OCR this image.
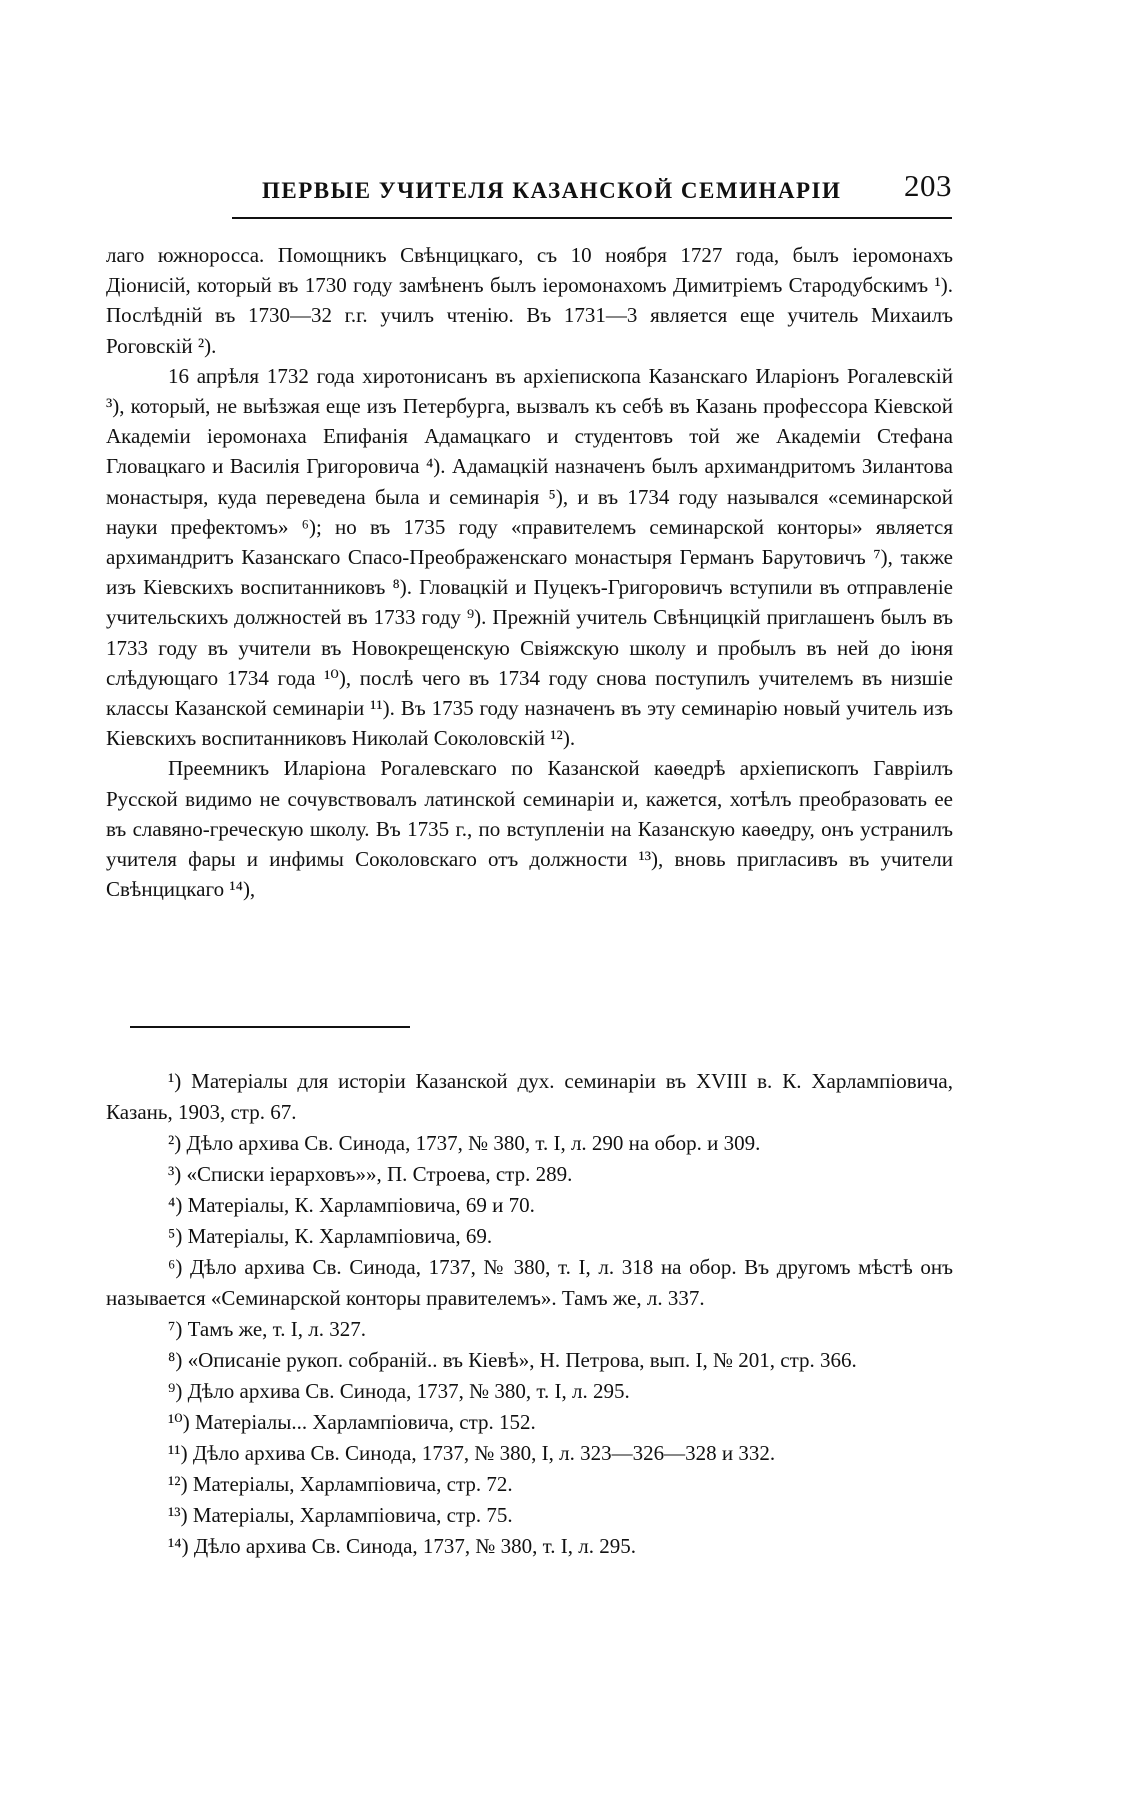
ПЕРВЫЕ УЧИТЕЛЯ КАЗАНСКОЙ СЕМИНАРІИ 203

лаго южноросса. Помощникъ Свѣнцицкаго, съ 10 ноября 1727 года, былъ іеромонахъ Діонисій, который въ 1730 году замѣненъ былъ іеромонахомъ Димитріемъ Стародубскимъ ¹). Послѣдній въ 1730—32 г.г. училъ чтенію. Въ 1731—3 является еще учитель Михаилъ Роговскій ²).

16 апрѣля 1732 года хиротонисанъ въ архіепископа Казанскаго Иларіонъ Рогалевскій ³), который, не выѣзжая еще изъ Петербурга, вызвалъ къ себѣ въ Казань профессора Кіевской Академіи іеромонаха Епифанія Адамацкаго и студентовъ той же Академіи Стефана Гловацкаго и Василія Григоровича ⁴). Адамацкій назначенъ былъ архимандритомъ Зилантова монастыря, куда переведена была и семинарія ⁵), и въ 1734 году назывался «семинарской науки префектомъ» ⁶); но въ 1735 году «правителемъ семинарской конторы» является архимандритъ Казанскаго Спасо-Преображенскаго монастыря Германъ Барутовичъ ⁷), также изъ Кіевскихъ воспитанниковъ ⁸). Гловацкій и Пуцекъ-Григоровичъ вступили въ отправленіе учительскихъ должностей въ 1733 году ⁹). Прежній учитель Свѣнцицкій приглашенъ былъ въ 1733 году въ учители въ Новокрещенскую Свіяжскую школу и пробылъ въ ней до іюня слѣдующаго 1734 года ¹⁰), послѣ чего въ 1734 году снова поступилъ учителемъ въ низшіе классы Казанской семинаріи ¹¹). Въ 1735 году назначенъ въ эту семинарію новый учитель изъ Кіевскихъ воспитанниковъ Николай Соколовскій ¹²).

Преемникъ Иларіона Рогалевскаго по Казанской каѳедрѣ архіепископъ Гавріилъ Русской видимо не сочувствовалъ латинской семинаріи и, кажется, хотѣлъ преобразовать ее въ славяно-греческую школу. Въ 1735 г., по вступленіи на Казанскую каѳедру, онъ устранилъ учителя фары и инфимы Соколовскаго отъ должности ¹³), вновь пригласивъ въ учители Свѣнцицкаго ¹⁴),

¹) Матеріалы для исторіи Казанской дух. семинаріи въ XVIII в. К. Харлампіовича, Казань, 1903, стр. 67.
²) Дѣло архива Св. Синода, 1737, № 380, т. I, л. 290 на обор. и 309.
³) «Списки іерарховъ»», П. Строева, стр. 289.
⁴) Матеріалы, К. Харлампіовича, 69 и 70.
⁵) Матеріалы, К. Харлампіовича, 69.
⁶) Дѣло архива Св. Синода, 1737, № 380, т. I, л. 318 на обор. Въ другомъ мѣстѣ онъ называется «Семинарской конторы правителемъ». Тамъ же, л. 337.
⁷) Тамъ же, т. I, л. 327.
⁸) «Описаніе рукоп. собраній.. въ Кіевѣ», Н. Петрова, вып. I, № 201, стр. 366.
⁹) Дѣло архива Св. Синода, 1737, № 380, т. I, л. 295.
¹⁰) Матеріалы... Харлампіовича, стр. 152.
¹¹) Дѣло архива Св. Синода, 1737, № 380, I, л. 323—326—328 и 332.
¹²) Матеріалы, Харлампіовича, стр. 72.
¹³) Матеріалы, Харлампіовича, стр. 75.
¹⁴) Дѣло архива Св. Синода, 1737, № 380, т. I, л. 295.
